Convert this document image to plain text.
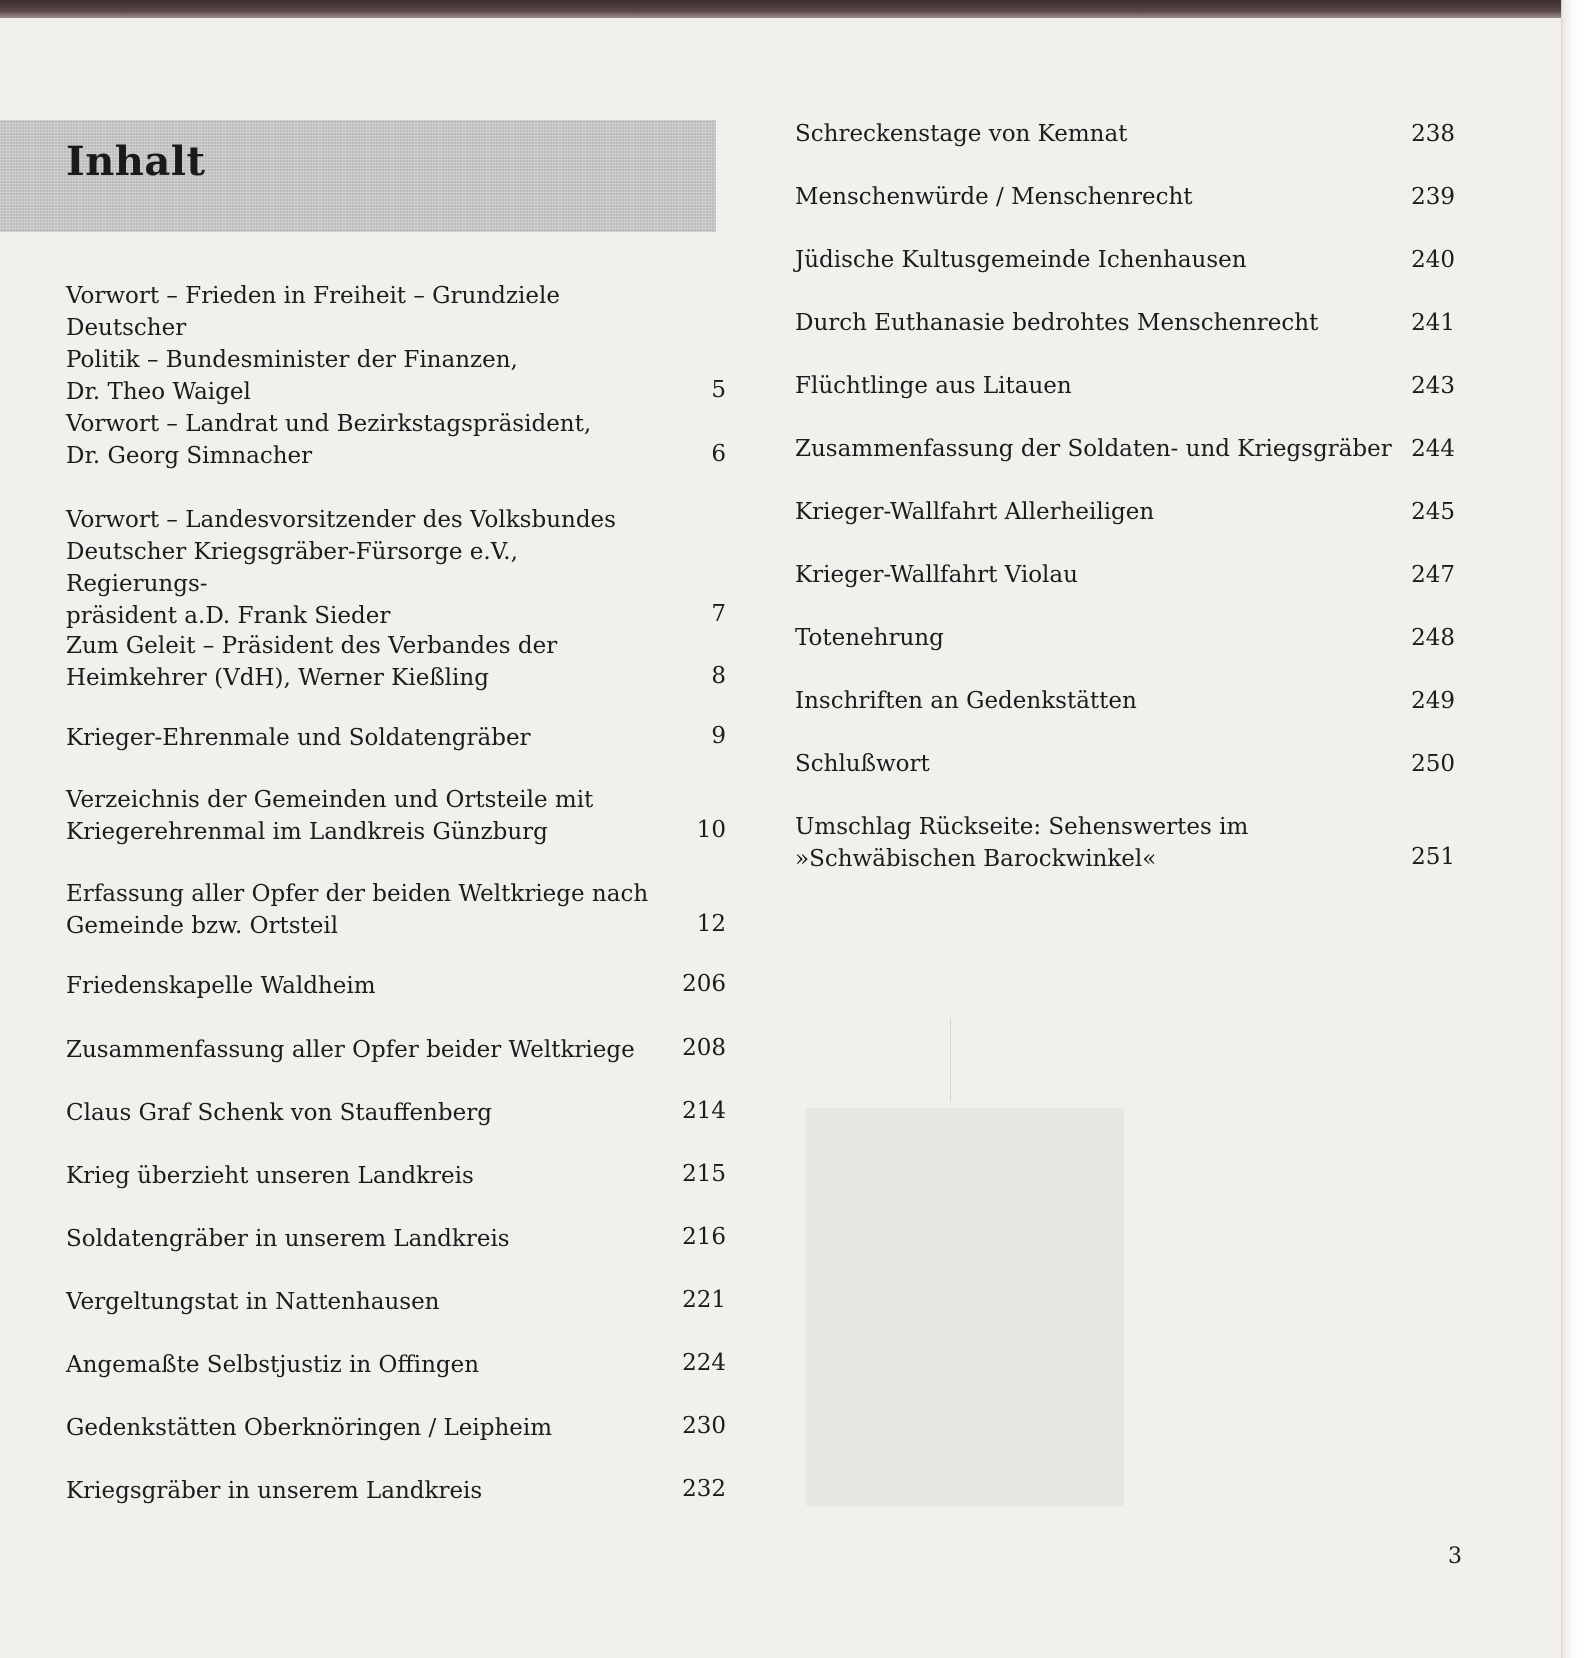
Inhalt
Vorwort – Frieden in Freiheit – Grundziele Deutscher
Politik – Bundesminister der Finanzen,
Dr. Theo Waigel	5
Vorwort – Landrat und Bezirkstagspräsident,
Dr. Georg Simnacher	6
Vorwort – Landesvorsitzender des Volksbundes
Deutscher Kriegsgräber-Fürsorge e.V., Regierungs-
präsident a.D. Frank Sieder	7
Zum Geleit – Präsident des Verbandes der
Heimkehrer (VdH), Werner Kießling	8
Krieger-Ehrenmale und Soldatengräber	9
Verzeichnis der Gemeinden und Ortsteile mit
Kriegerehrenmal im Landkreis Günzburg	10
Erfassung aller Opfer der beiden Weltkriege nach
Gemeinde bzw. Ortsteil	12
Friedenskapelle Waldheim	206
Zusammenfassung aller Opfer beider Weltkriege	208
Claus Graf Schenk von Stauffenberg	214
Krieg überzieht unseren Landkreis	215
Soldatengräber in unserem Landkreis	216
Vergeltungstat in Nattenhausen	221
Angemaßte Selbstjustiz in Offingen	224
Gedenkstätten Oberknöringen / Leipheim	230
Kriegsgräber in unserem Landkreis	232
Schreckenstage von Kemnat	238
Menschenwürde / Menschenrecht	239
Jüdische Kultusgemeinde Ichenhausen	240
Durch Euthanasie bedrohtes Menschenrecht	241
Flüchtlinge aus Litauen	243
Zusammenfassung der Soldaten- und Kriegsgräber 244
Krieger-Wallfahrt Allerheiligen	245
Krieger-Wallfahrt Violau	247
Totenehrung	248
Inschriften an Gedenkstätten	249
Schlußwort	250
Umschlag Rückseite: Sehenswertes im
»Schwäbischen Barockwinkel«	251
3
